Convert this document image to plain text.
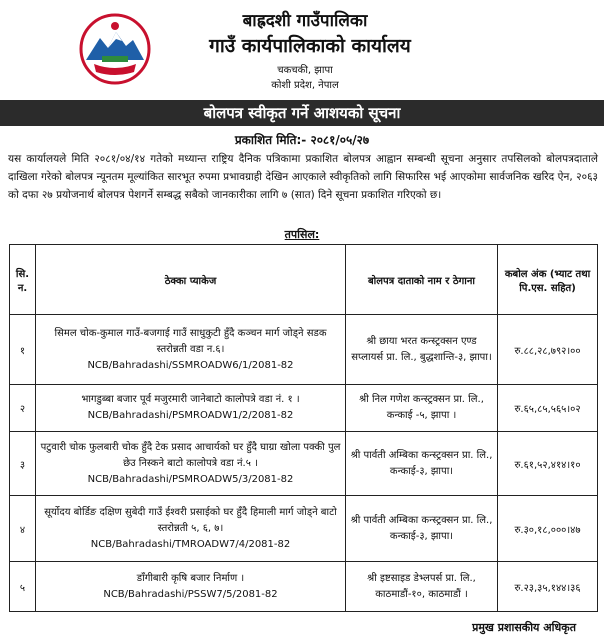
बाह्रदशी गाउँपालिका
गाउँ कार्यपालिकाको कार्यालय
चकचकी, झापा
कोशी प्रदेश, नेपाल
बोलपत्र स्वीकृत गर्ने आशयको सूचना
प्रकाशित मिति:- २०८१/०५/२७
यस कार्यालयले मिति २०८१/०४/१४ गतेको मध्यान्त राष्ट्रिय दैनिक पत्रिकामा प्रकाशित बोलपत्र आह्वान सम्बन्धी सूचना अनुसार तपसिलको बोलपत्रदाताले दाखिला गरेको बोलपत्र न्यूनतम मूल्यांकित सारभूत रुपमा प्रभावग्राही देखिन आएकाले स्वीकृतिको लागि सिफारिस भई आएकोमा सार्वजनिक खरिद ऐन, २०६३ को दफा २७ प्रयोजनार्थ बोलपत्र पेशगर्ने सम्बद्ध सबैको जानकारीका लागि ७ (सात) दिने सूचना प्रकाशित गरिएको छ।
तपसिल:
सि. न.	ठेक्का प्याकेज	बोलपत्र दाताको नाम र ठेगाना	कबोल अंक (भ्याट तथा पि.एस. सहित)
१	सिमल चोक-कुमाल गाउँ-बजगाई गाउँ साधुकुटी हुँदै कञ्चन मार्ग जोड्ने सडक स्तरोन्नती वडा न.६।
NCB/Bahradashi/SSMROADW6/1/2081-82	श्री छाया भरत कन्स्ट्रक्सन एण्ड सप्लायर्स प्रा. लि., बुद्धशान्ति-३, झापा।	रु.८८,२८,७९२।००
२	भागडुब्बा बजार पूर्व मजुरमारी जानेबाटो कालोपत्रे वडा नं. १ ।
NCB/Bahradashi/PSMROADW1/2/2081-82	श्री निल गणेश कन्स्ट्रक्सन प्रा. लि., कन्काई -५, झापा ।	रु.६५,८५,५६५।०२
३	पटुवारी चोक फुलबारी चोक हुँदै टेक प्रसाद आचार्यको घर हुँदै घाग्रा खोला पक्की पुल छेउ निस्कने बाटो कालोपत्रे वडा नं.५ ।
NCB/Bahradashi/PSMROADW5/3/2081-82	श्री पार्वती अम्बिका कन्स्ट्रक्सन प्रा. लि., कन्काई-३, झापा।	रु.६१,५२,४१४।१०
४	सूर्योदय बोर्डिङ दक्षिण सुबेदी गाउँ ईश्वरी प्रसाईको घर हुँदै हिमाली मार्ग जोड्ने बाटो स्तरोन्नती ५, ६, ७।
NCB/Bahradashi/TMROADW7/4/2081-82	श्री पार्वती अम्बिका कन्स्ट्रक्सन प्रा. लि., कन्काई-३, झापा।	रु.३०,१८,०००।४७
५	डाँगीबारी कृषि बजार निर्माण ।
NCB/Bahradashi/PSSW7/5/2081-82	श्री इष्टसाइड डेभ्लपर्स प्रा. लि., काठमाडौं-१०, काठमाडौं ।	रु.२३,३५,१४४।३६
प्रमुख प्रशासकीय अधिकृत
